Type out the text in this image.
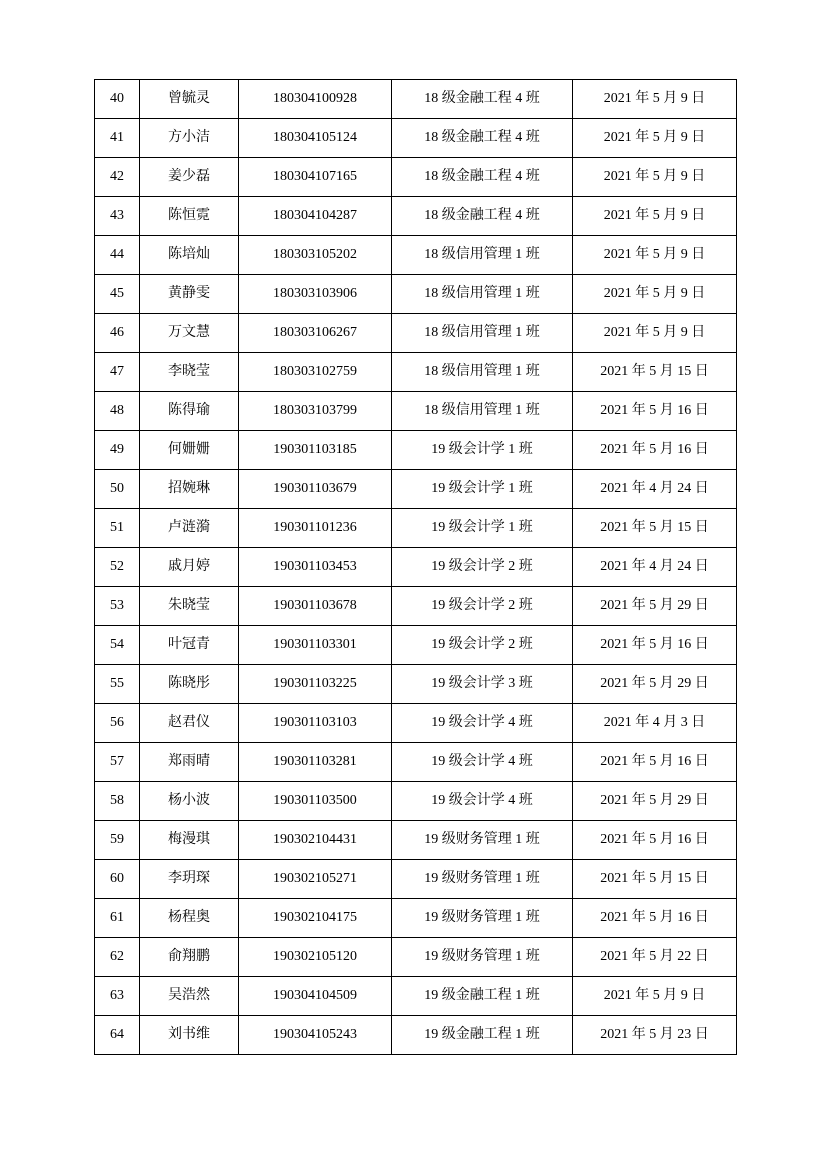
40	曾毓灵	180304100928	18 级金融工程 4 班	2021 年 5 月 9 日
41	方小洁	180304105124	18 级金融工程 4 班	2021 年 5 月 9 日
42	姜少磊	180304107165	18 级金融工程 4 班	2021 年 5 月 9 日
43	陈恒霓	180304104287	18 级金融工程 4 班	2021 年 5 月 9 日
44	陈培灿	180303105202	18 级信用管理 1 班	2021 年 5 月 9 日
45	黄静雯	180303103906	18 级信用管理 1 班	2021 年 5 月 9 日
46	万文慧	180303106267	18 级信用管理 1 班	2021 年 5 月 9 日
47	李晓莹	180303102759	18 级信用管理 1 班	2021 年 5 月 15 日
48	陈得瑜	180303103799	18 级信用管理 1 班	2021 年 5 月 16 日
49	何姗姗	190301103185	19 级会计学 1 班	2021 年 5 月 16 日
50	招婉琳	190301103679	19 级会计学 1 班	2021 年 4 月 24 日
51	卢涟漪	190301101236	19 级会计学 1 班	2021 年 5 月 15 日
52	戚月婷	190301103453	19 级会计学 2 班	2021 年 4 月 24 日
53	朱晓莹	190301103678	19 级会计学 2 班	2021 年 5 月 29 日
54	叶冠青	190301103301	19 级会计学 2 班	2021 年 5 月 16 日
55	陈晓彤	190301103225	19 级会计学 3 班	2021 年 5 月 29 日
56	赵君仪	190301103103	19 级会计学 4 班	2021 年 4 月 3 日
57	郑雨晴	190301103281	19 级会计学 4 班	2021 年 5 月 16 日
58	杨小波	190301103500	19 级会计学 4 班	2021 年 5 月 29 日
59	梅漫琪	190302104431	19 级财务管理 1 班	2021 年 5 月 16 日
60	李玥琛	190302105271	19 级财务管理 1 班	2021 年 5 月 15 日
61	杨程奥	190302104175	19 级财务管理 1 班	2021 年 5 月 16 日
62	俞翔鹏	190302105120	19 级财务管理 1 班	2021 年 5 月 22 日
63	吴浩然	190304104509	19 级金融工程 1 班	2021 年 5 月 9 日
64	刘书维	190304105243	19 级金融工程 1 班	2021 年 5 月 23 日
